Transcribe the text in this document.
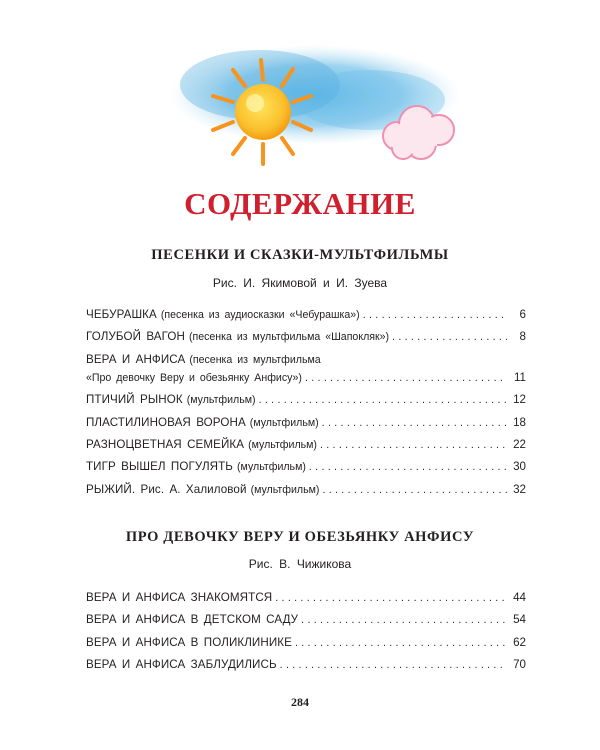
СОДЕРЖАНИЕ
ПЕСЕНКИ И СКАЗКИ-МУЛЬТФИЛЬМЫ
Рис. И. Якимовой и И. Зуева
ЧЕБУРАШКА (песенка из аудиосказки «Чебурашка») . . .	6
ГОЛУБОЙ ВАГОН (песенка из мультфильма «Шапокляк») . . .	8
ВЕРА И АНФИСА (песенка из мультфильма
«Про девочку Веру и обезьянку Анфису») . . .	11
ПТИЧИЙ РЫНОК (мультфильм) . . .	12
ПЛАСТИЛИНОВАЯ ВОРОНА (мультфильм) . . .	18
РАЗНОЦВЕТНАЯ СЕМЕЙКА (мультфильм) . . .	22
ТИГР ВЫШЕЛ ПОГУЛЯТЬ (мультфильм) . . .	30
РЫЖИЙ. Рис. А. Халиловой (мультфильм) . . .	32
ПРО ДЕВОЧКУ ВЕРУ И ОБЕЗЬЯНКУ АНФИСУ
Рис. В. Чижикова
ВЕРА И АНФИСА ЗНАКОМЯТСЯ . . .	44
ВЕРА И АНФИСА В ДЕТСКОМ САДУ . . .	54
ВЕРА И АНФИСА В ПОЛИКЛИНИКЕ . . .	62
ВЕРА И АНФИСА ЗАБЛУДИЛИСЬ . . .	70
284
